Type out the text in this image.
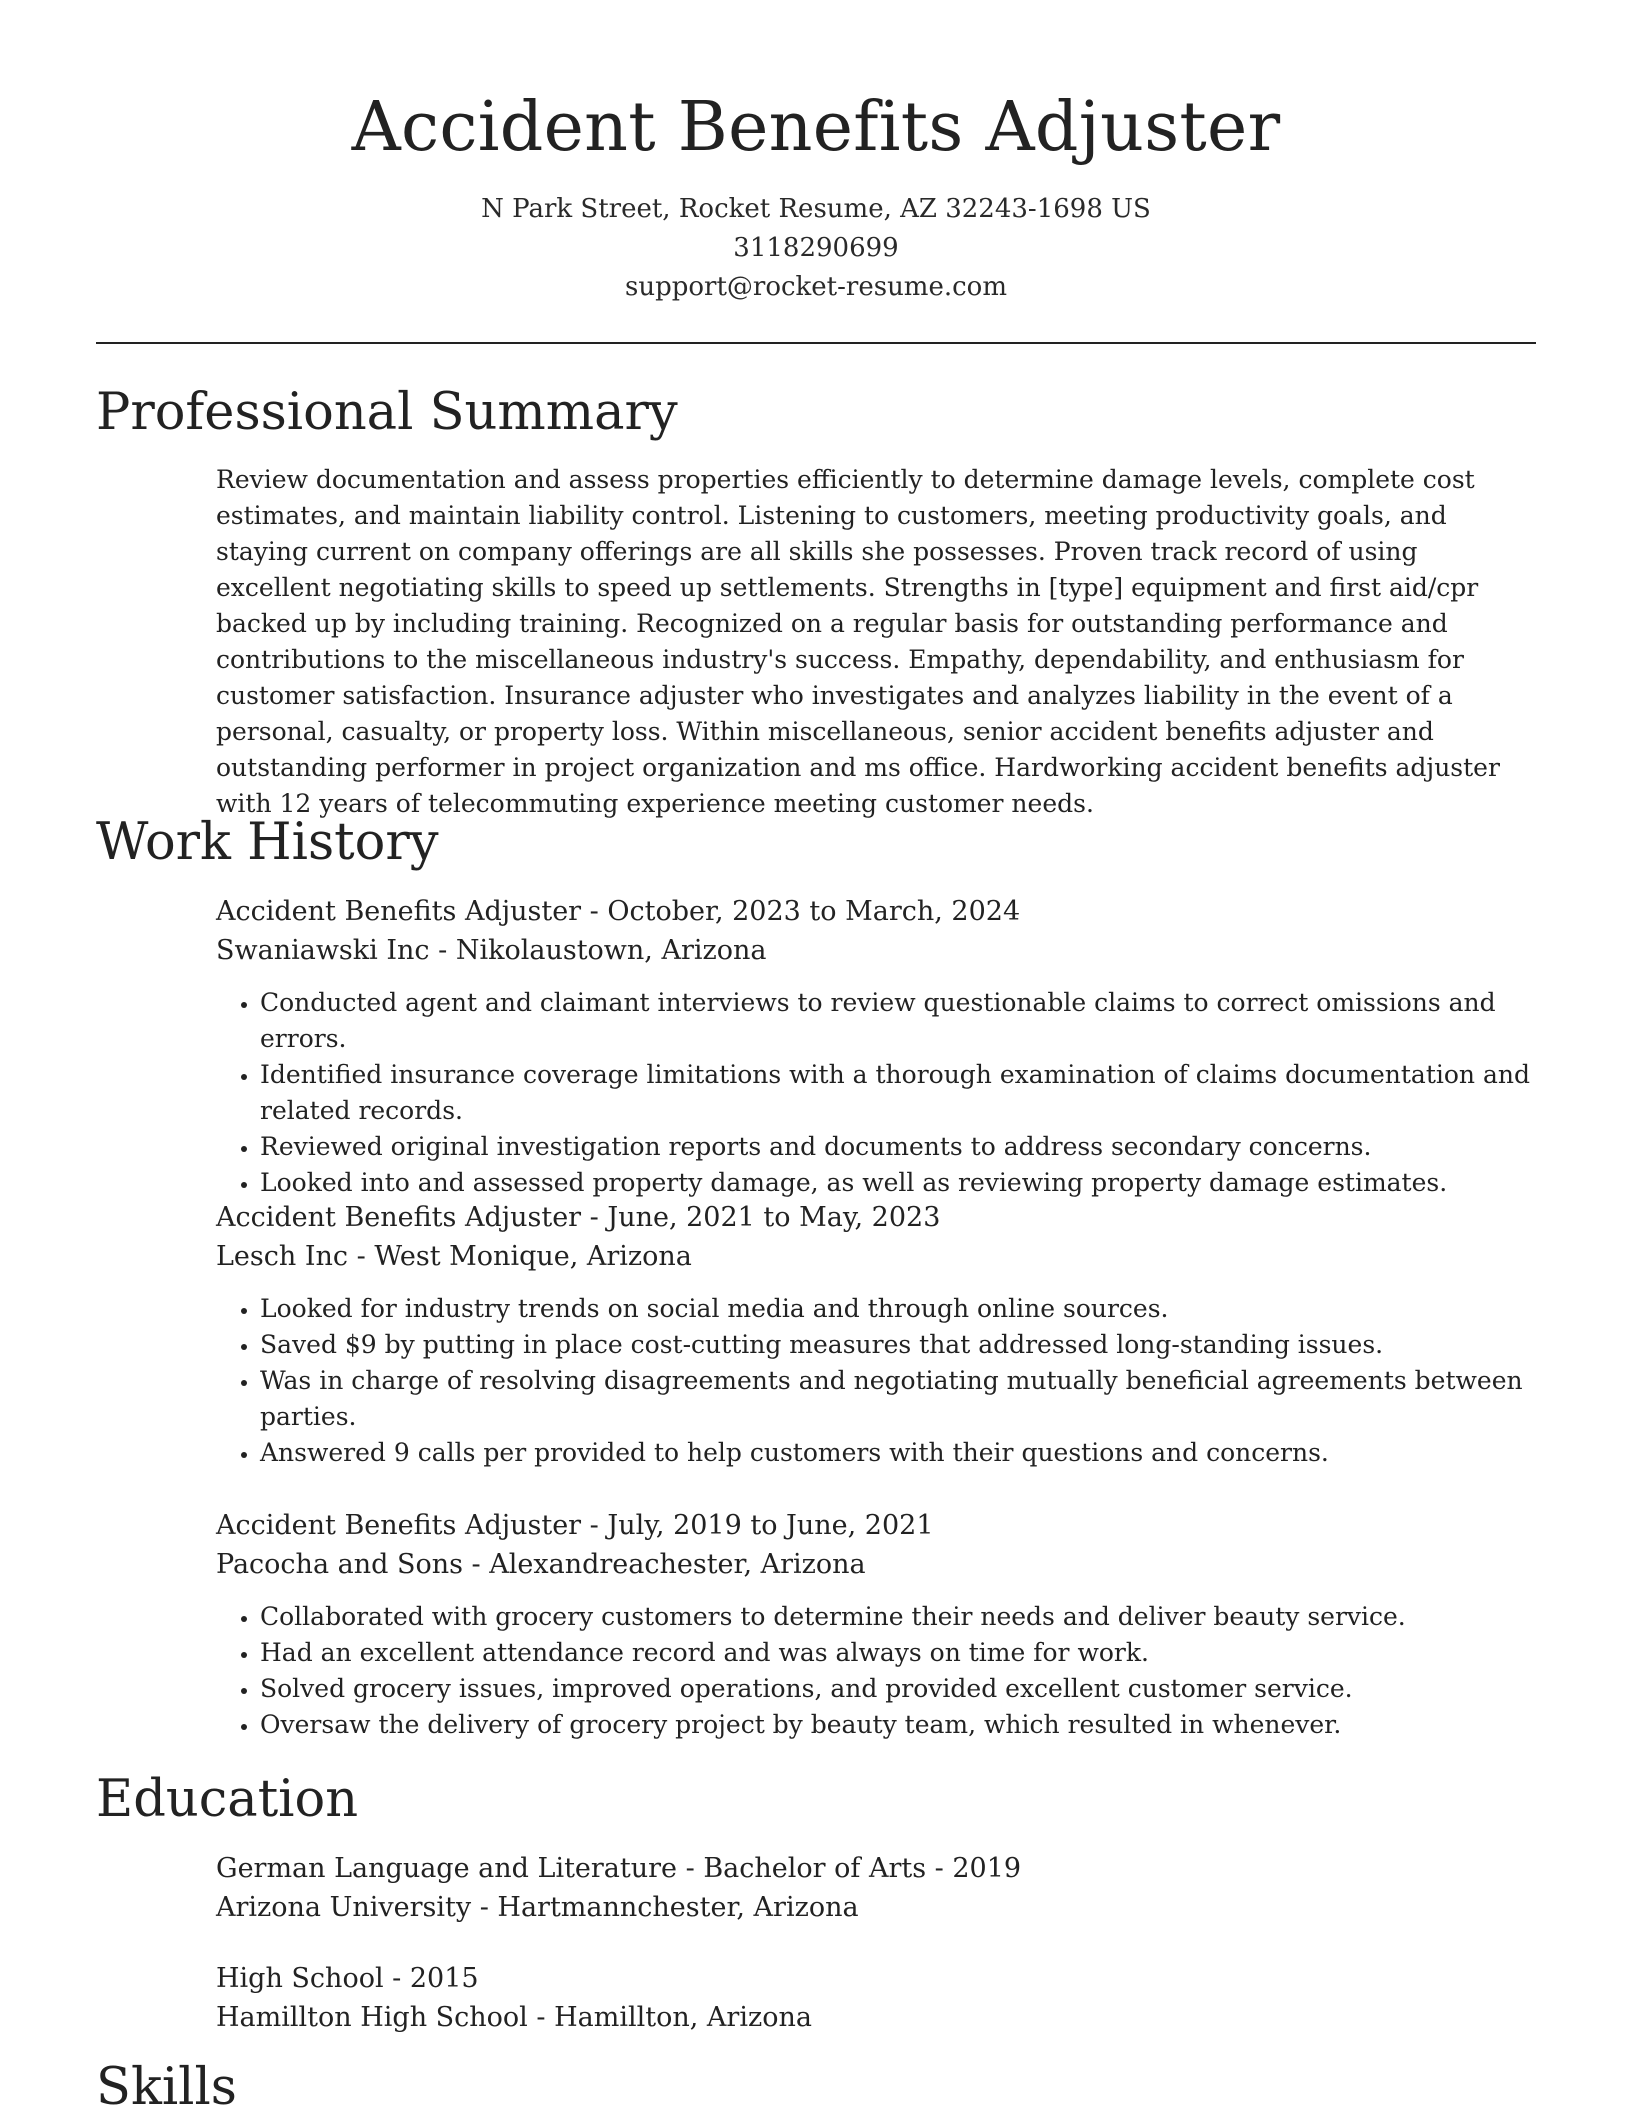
Accident Benefits Adjuster
N Park Street, Rocket Resume, AZ 32243-1698 US
3118290699
support@rocket-resume.com
Professional Summary

Review documentation and assess properties efficiently to determine damage levels, complete cost estimates, and maintain liability control. Listening to customers, meeting productivity goals, and staying current on company offerings are all skills she possesses. Proven track record of using excellent negotiating skills to speed up settlements. Strengths in [type] equipment and first aid/cpr backed up by including training. Recognized on a regular basis for outstanding performance and contributions to the miscellaneous industry's success. Empathy, dependability, and enthusiasm for customer satisfaction. Insurance adjuster who investigates and analyzes liability in the event of a personal, casualty, or property loss. Within miscellaneous, senior accident benefits adjuster and outstanding performer in project organization and ms office. Hardworking accident benefits adjuster with 12 years of telecommuting experience meeting customer needs.

Work History
Accident Benefits Adjuster - October, 2023 to March, 2024
Swaniawski Inc - Nikolaustown, Arizona
• Conducted agent and claimant interviews to review questionable claims to correct omissions and errors.
• Identified insurance coverage limitations with a thorough examination of claims documentation and related records.
• Reviewed original investigation reports and documents to address secondary concerns.
• Looked into and assessed property damage, as well as reviewing property damage estimates.
Accident Benefits Adjuster - June, 2021 to May, 2023
Lesch Inc - West Monique, Arizona
• Looked for industry trends on social media and through online sources.
• Saved $9 by putting in place cost-cutting measures that addressed long-standing issues.
• Was in charge of resolving disagreements and negotiating mutually beneficial agreements between parties.
• Answered 9 calls per provided to help customers with their questions and concerns.
Accident Benefits Adjuster - July, 2019 to June, 2021
Pacocha and Sons - Alexandreachester, Arizona
• Collaborated with grocery customers to determine their needs and deliver beauty service.
• Had an excellent attendance record and was always on time for work.
• Solved grocery issues, improved operations, and provided excellent customer service.
• Oversaw the delivery of grocery project by beauty team, which resulted in whenever.
Education
German Language and Literature - Bachelor of Arts - 2019
Arizona University - Hartmannchester, Arizona
High School - 2015
Hamillton High School - Hamillton, Arizona
Skills
